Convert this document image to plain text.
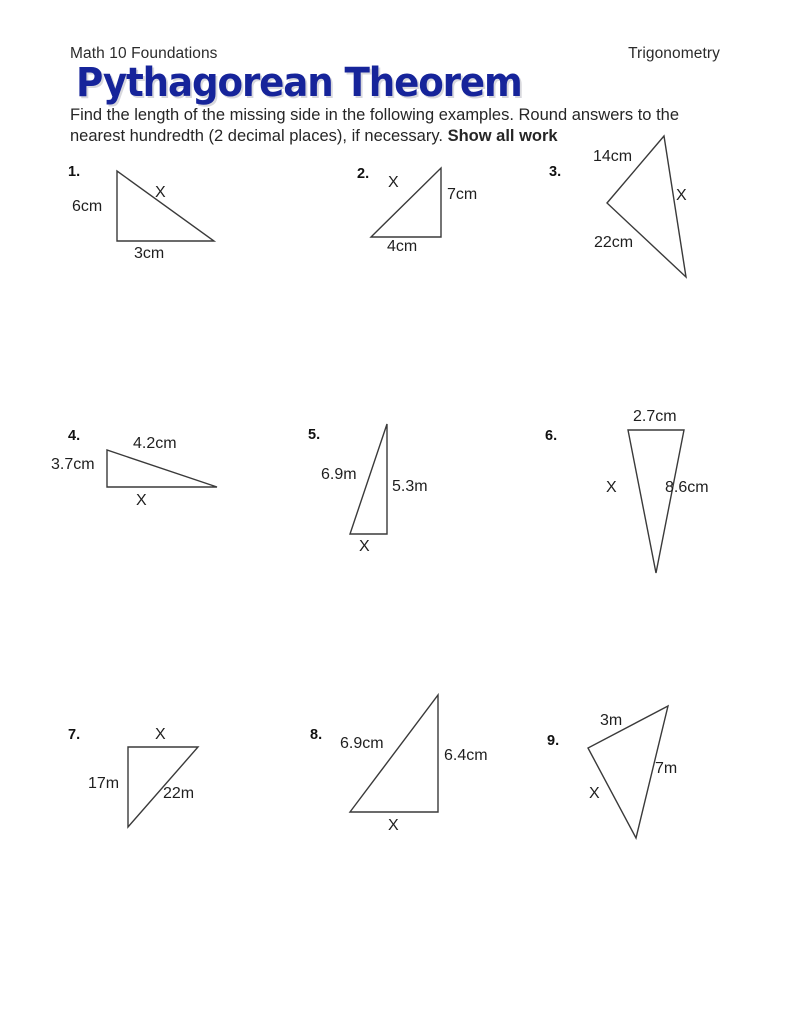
Math 10 Foundations	Trigonometry
Pythagorean Theorem
Find the length of the missing side in the following examples. Round answers to the nearest hundredth (2 decimal places), if necessary. Show all work
1.
6cm
3cm
X
2.
7cm
4cm
X
3.
14cm
22cm
X
4.
3.7cm
4.2cm
X
5.
6.9m
5.3m
X
6.
2.7cm
8.6cm
X
7.	X
17m
22m
8. 6.9cm
6.4cm
X
9.
3m
X
7m
